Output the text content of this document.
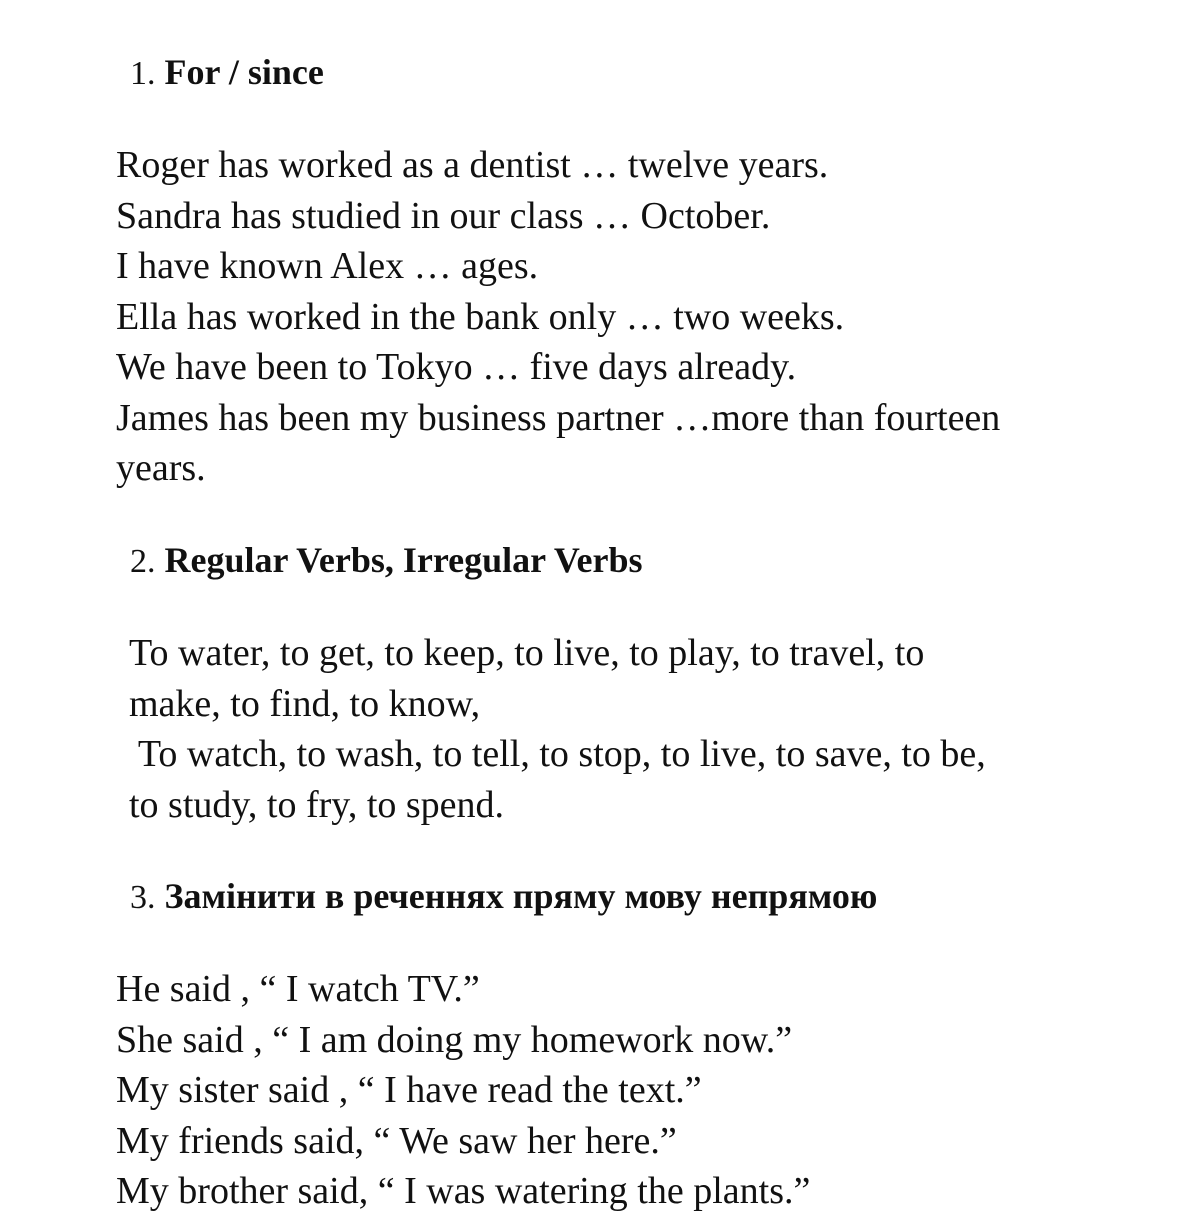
1. For / since
Roger has worked as a dentist … twelve years.
Sandra has studied in our class … October.
I have known Alex … ages.
Ella has worked in the bank only … two weeks.
We have been to Tokyo … five days already.
James has been my business partner …more than fourteen
years.
2. Regular Verbs, Irregular Verbs
To water, to get, to keep, to live, to play, to travel, to
make, to find, to know,
To watch, to wash, to tell, to stop, to live, to save, to be,
to study, to fry, to spend.
3. Замінити в реченнях пряму мову непрямою
He said , “ I watch TV.”
She said , “ I am doing my homework now.”
My sister said , “ I have read the text.”
My friends said, “ We saw her here.”
My brother said, “ I was watering the plants.”
